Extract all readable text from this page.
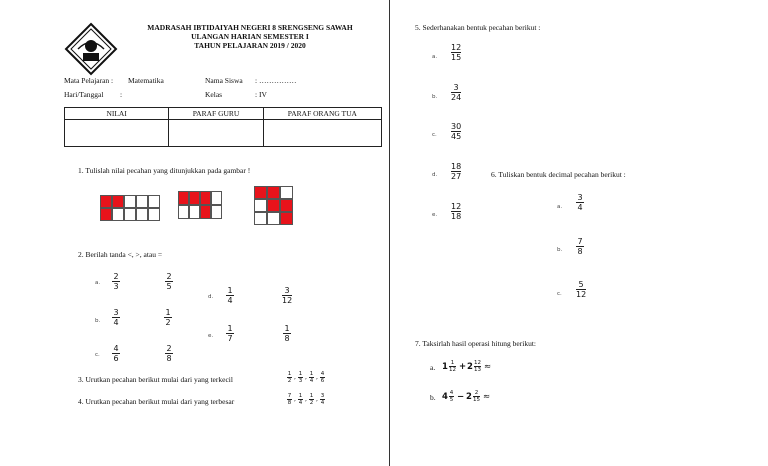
MADRASAH IBTIDAIYAH NEGERI 8 SRENGSENG SAWAH
ULANGAN HARIAN SEMESTER I
TAHUN PELAJARAN 2019 / 2020
Mata Pelajaran : Matematika	Nama Siswa : ……………
Hari/Tanggal :	Kelas	: IV
NILAI	PARAF GURU	PARAF ORANG TUA

1. Tulislah nilai pecahan yang ditunjukkan pada gambar !
2. Berilah tanda <, >, atau =
a.
2
3
2
5
b.
3
4
1
2
c.
4
6
2
8
d.
1
4
3
12
e.
1
7
1
8
3. Urutkan pecahan berikut mulai dari yang terkecil
1
2 , 1
3 , 1
4 , 4
6
4. Urutkan pecahan berikut mulai dari yang terbesar
7
8 , 1
4 , 1
2 , 3
4
5. Sederhanakan bentuk pecahan berikut :
a.
12
15
b.
3
24
c.
30
45
d.
18
27
e.
12
18
6. Tuliskan bentuk decimal pecahan berikut :
a.
3
4
b.
7
8
c.
5
12
7. Taksirlah hasil operasi hitung berikut:
a. 1 1
12 + 2 12
13 ≈
b. 4 4
5 − 2 2
15 ≈
